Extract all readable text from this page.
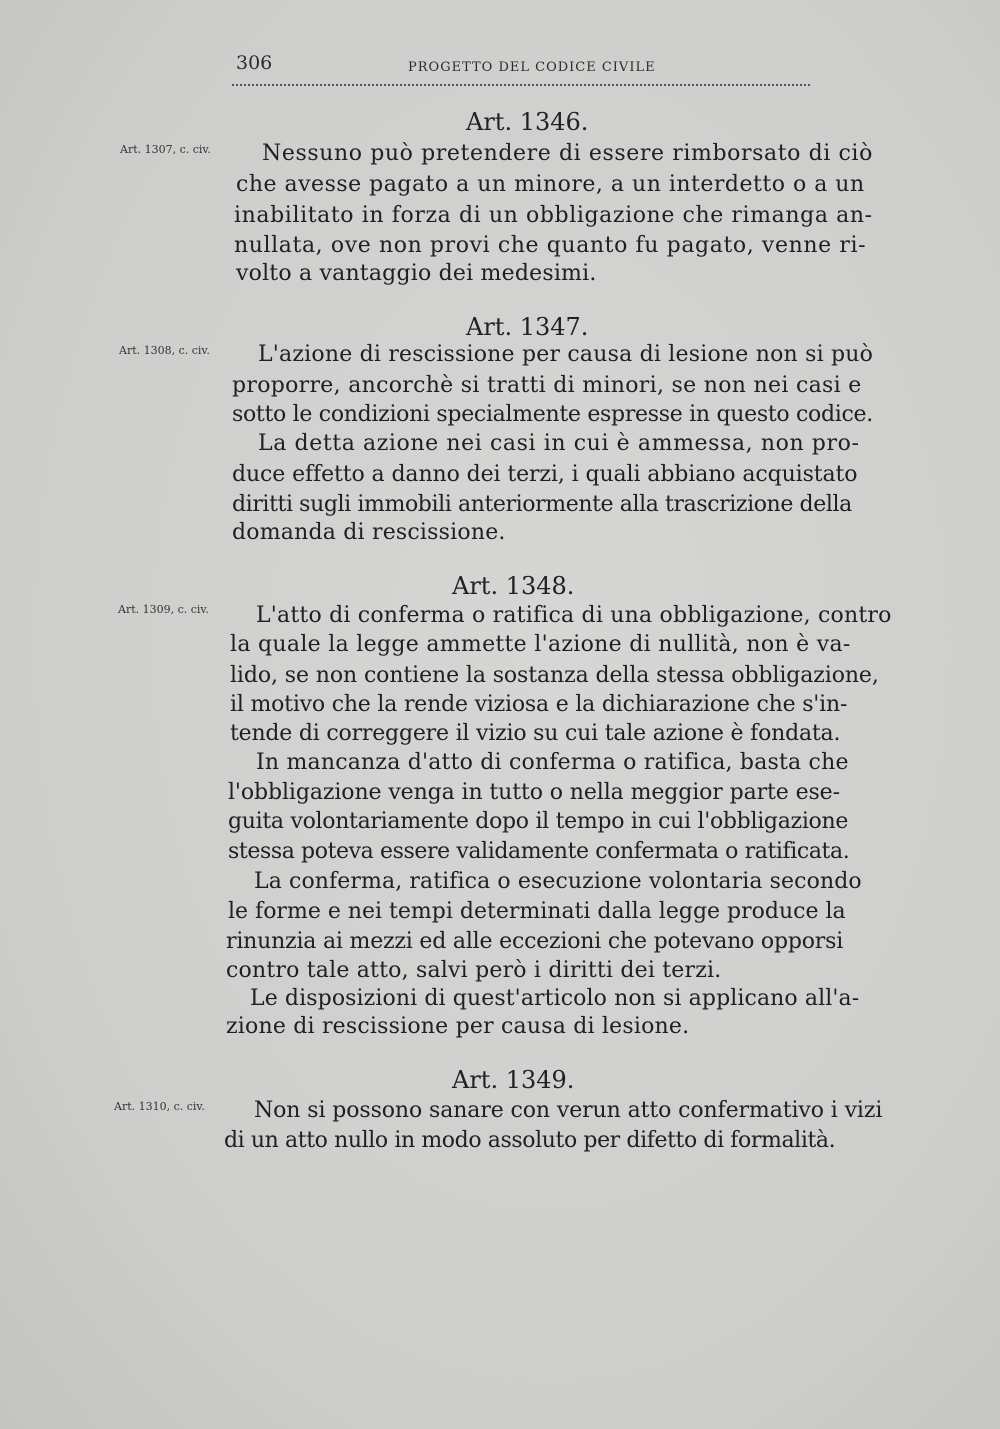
306	PROGETTO DEL CODICE CIVILE
Art. 1346.
Art. 1307, c. civ. Nessuno può pretendere di essere rimborsato di ciò
che avesse pagato a un minore, a un interdetto o a un
inabilitato in forza di un obbligazione che rimanga an-
nullata, ove non provi che quanto fu pagato, venne ri-
volto a vantaggio dei medesimi.
Art. 1347.
Art. 1308, c. civ. L'azione di rescissione per causa di lesione non si può
proporre, ancorchè si tratti di minori, se non nei casi e
sotto le condizioni specialmente espresse in questo codice.
La detta azione nei casi in cui è ammessa, non pro-
duce effetto a danno dei terzi, i quali abbiano acquistato
diritti sugli immobili anteriormente alla trascrizione della
domanda di rescissione.
Art. 1348.
Art. 1309, c. civ. L'atto di conferma o ratifica di una obbligazione, contro
la quale la legge ammette l'azione di nullità, non è va-
lido, se non contiene la sostanza della stessa obbligazione,
il motivo che la rende viziosa e la dichiarazione che s'in-
tende di correggere il vizio su cui tale azione è fondata.
In mancanza d'atto di conferma o ratifica, basta che
l'obbligazione venga in tutto o nella meggior parte ese-
guita volontariamente dopo il tempo in cui l'obbligazione
stessa poteva essere validamente confermata o ratificata.
La conferma, ratifica o esecuzione volontaria secondo
le forme e nei tempi determinati dalla legge produce la
rinunzia ai mezzi ed alle eccezioni che potevano opporsi
contro tale atto, salvi però i diritti dei terzi.
Le disposizioni di quest'articolo non si applicano all'a-
zione di rescissione per causa di lesione.
Art. 1349.
Art. 1310, c. civ. Non si possono sanare con verun atto confermativo i vizi
di un atto nullo in modo assoluto per difetto di formalità.
